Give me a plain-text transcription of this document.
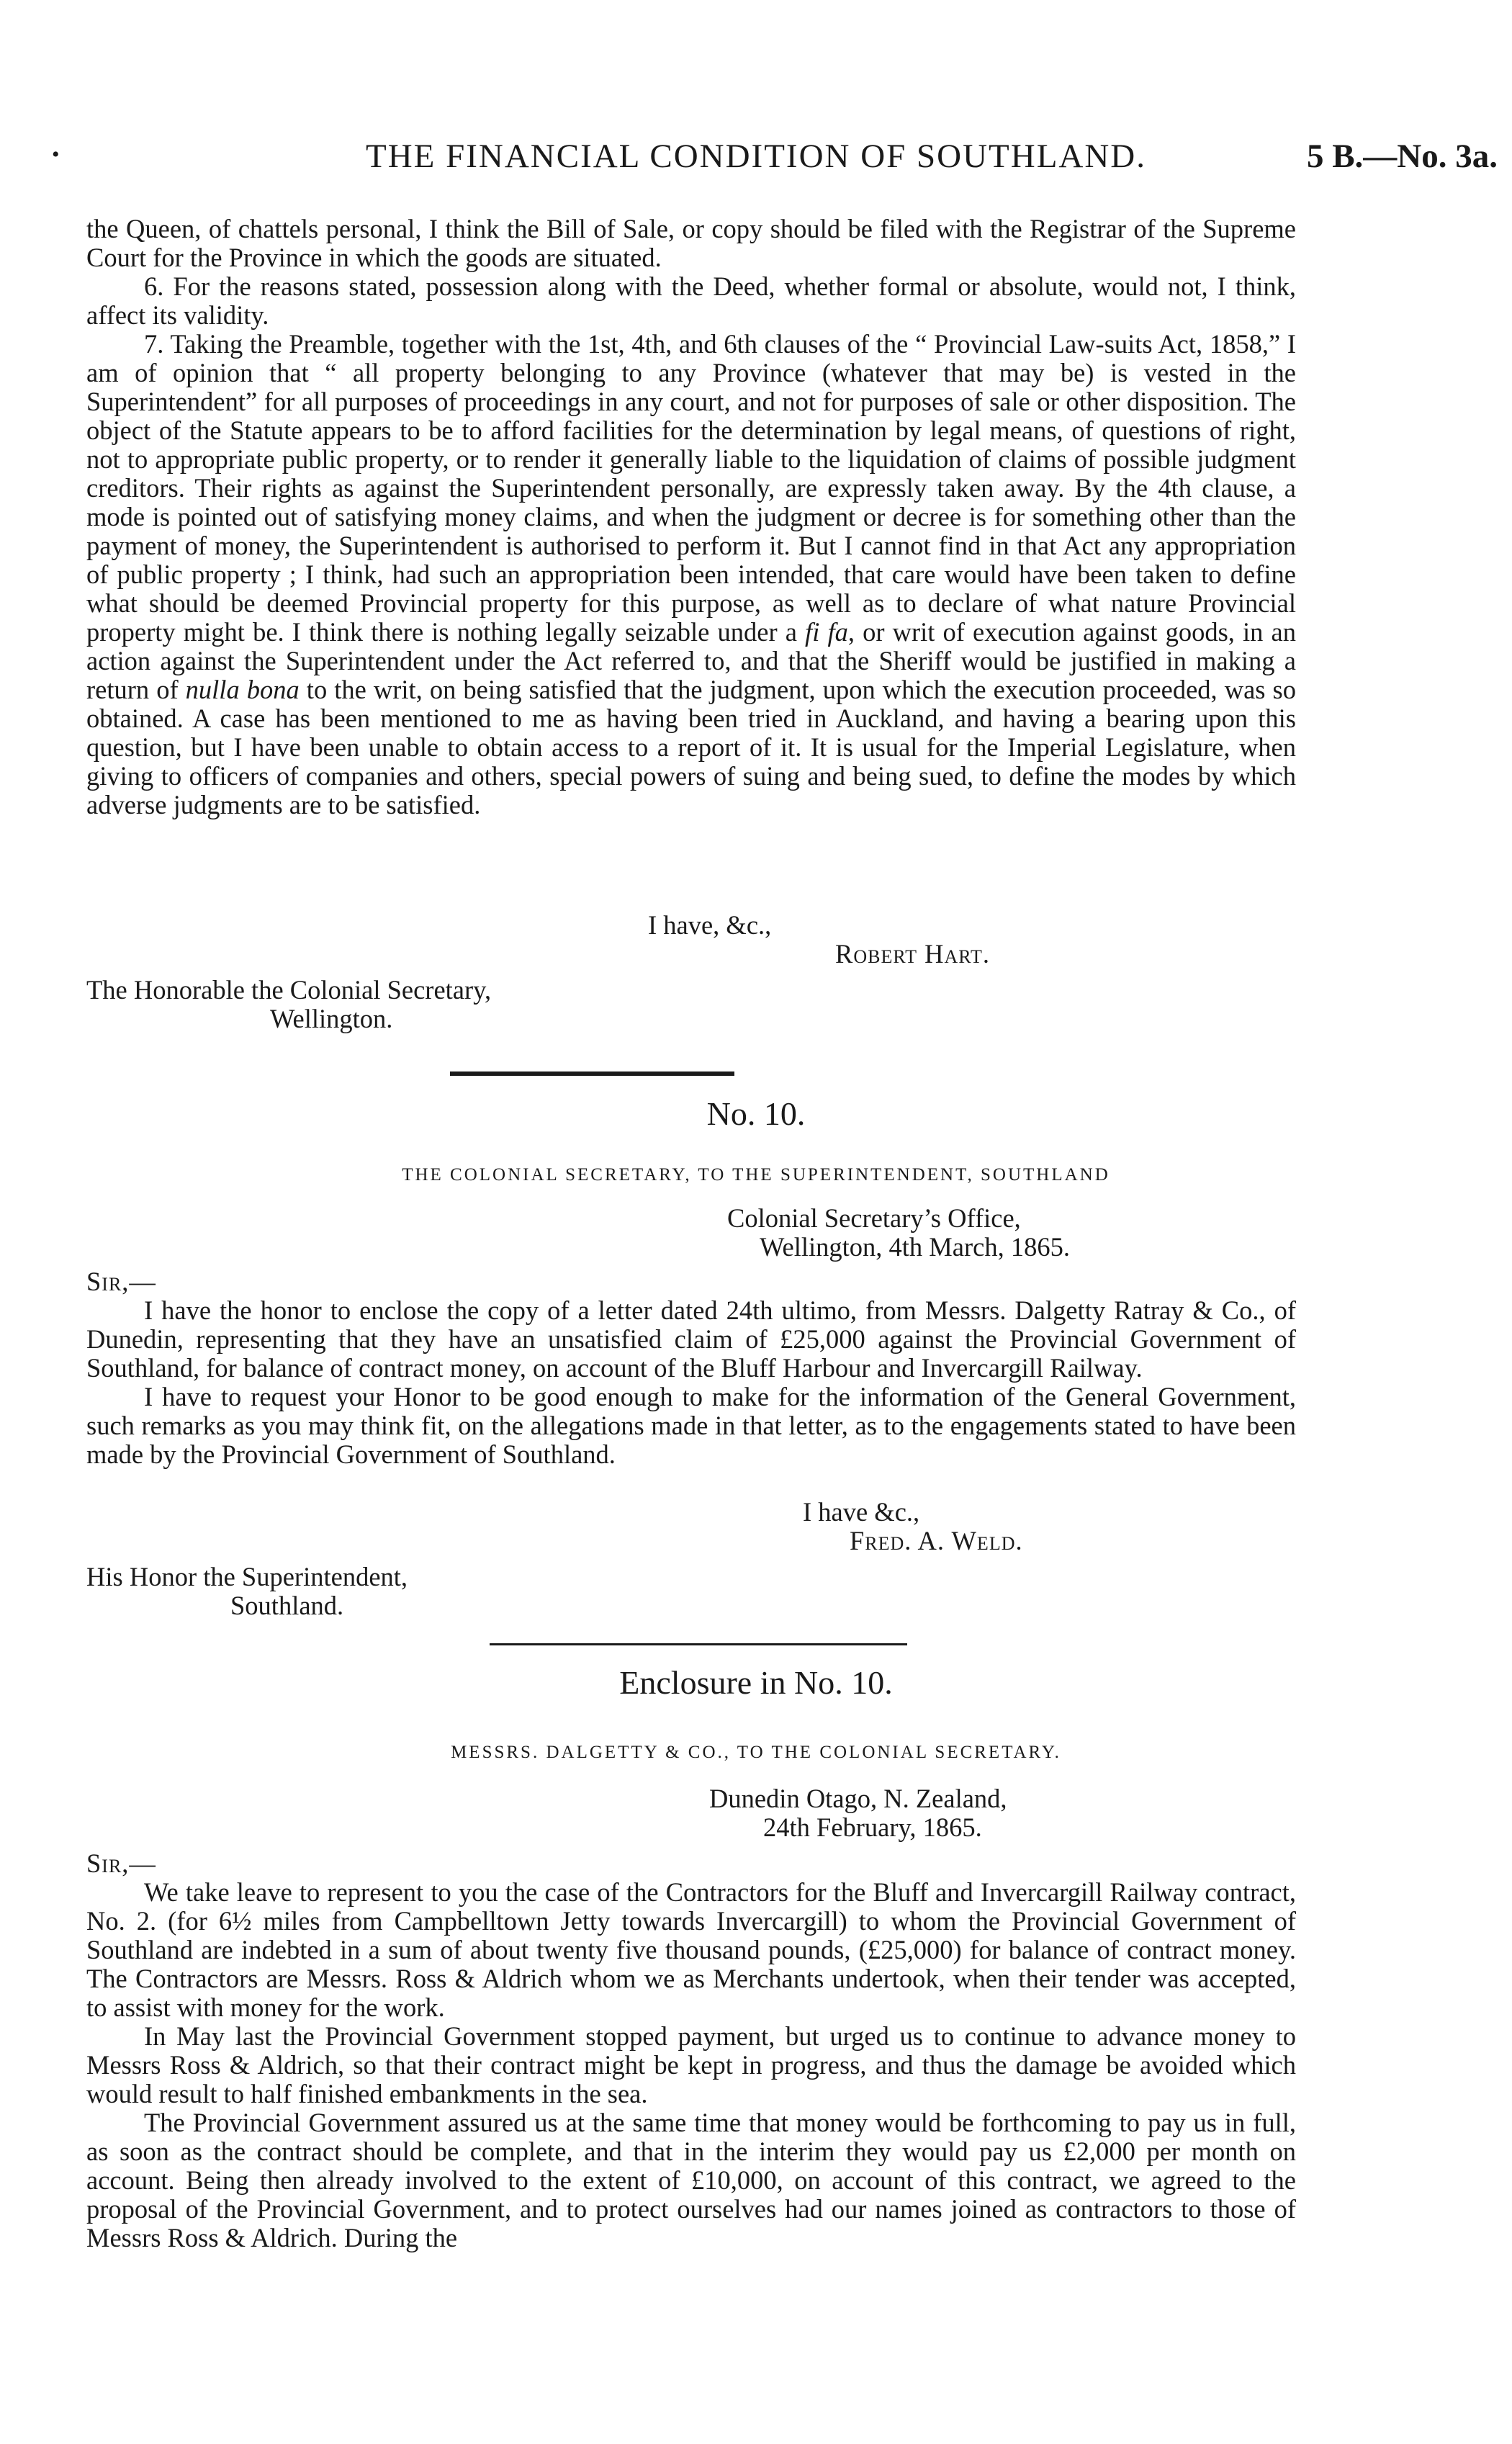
•	THE FINANCIAL CONDITION OF SOUTHLAND.	5 B.—No. 3a.

the Queen, of chattels personal, I think the Bill of Sale, or copy should be filed with the Registrar of the Supreme Court for the Province in which the goods are situated.

6. For the reasons stated, possession along with the Deed, whether formal or absolute, would not, I think, affect its validity.

7. Taking the Preamble, together with the 1st, 4th, and 6th clauses of the “ Provincial Law-suits Act, 1858,” I am of opinion that “ all property belonging to any Province (whatever that may be) is vested in the Superintendent” for all purposes of proceedings in any court, and not for purposes of sale or other disposition. The object of the Statute appears to be to afford facilities for the determination by legal means, of questions of right, not to appropriate public property, or to render it generally liable to the liquidation of claims of possible judgment creditors. Their rights as against the Superintendent personally, are expressly taken away. By the 4th clause, a mode is pointed out of satisfying money claims, and when the judgment or decree is for something other than the payment of money, the Superintendent is authorised to perform it. But I cannot find in that Act any appropriation of public property ; I think, had such an appropriation been intended, that care would have been taken to define what should be deemed Provincial property for this purpose, as well as to declare of what nature Provincial property might be. I think there is nothing legally seizable under a fi fa, or writ of execution against goods, in an action against the Superintendent under the Act referred to, and that the Sheriff would be justified in making a return of nulla bona to the writ, on being satisfied that the judgment, upon which the execution proceeded, was so obtained. A case has been mentioned to me as having been tried in Auckland, and having a bearing upon this question, but I have been unable to obtain access to a report of it. It is usual for the Imperial Legislature, when giving to officers of companies and others, special powers of suing and being sued, to define the modes by which adverse judgments are to be satisfied.

I have, &c.,
Robert Hart.
The Honorable the Colonial Secretary,
Wellington.
No. 10.
THE COLONIAL SECRETARY, TO THE SUPERINTENDENT, SOUTHLAND
Colonial Secretary’s Office,
Wellington, 4th March, 1865.
Sir,—

I have the honor to enclose the copy of a letter dated 24th ultimo, from Messrs. Dalgetty Ratray & Co., of Dunedin, representing that they have an unsatisfied claim of £25,000 against the Provincial Government of Southland, for balance of contract money, on account of the Bluff Harbour and Invercargill Railway.

I have to request your Honor to be good enough to make for the information of the General Government, such remarks as you may think fit, on the allegations made in that letter, as to the engagements stated to have been made by the Provincial Government of Southland.

I have &c.,
Fred. A. Weld.
His Honor the Superintendent,
Southland.
Enclosure in No. 10.
MESSRS. DALGETTY & CO., TO THE COLONIAL SECRETARY.
Dunedin Otago, N. Zealand,
24th February, 1865.
Sir,—

We take leave to represent to you the case of the Contractors for the Bluff and Invercargill Railway contract, No. 2. (for 6½ miles from Campbelltown Jetty towards Invercargill) to whom the Provincial Government of Southland are indebted in a sum of about twenty five thousand pounds, (£25,000) for balance of contract money. The Contractors are Messrs. Ross & Aldrich whom we as Merchants undertook, when their tender was accepted, to assist with money for the work.

In May last the Provincial Government stopped payment, but urged us to continue to advance money to Messrs Ross & Aldrich, so that their contract might be kept in progress, and thus the damage be avoided which would result to half finished embankments in the sea.

The Provincial Government assured us at the same time that money would be forthcoming to pay us in full, as soon as the contract should be complete, and that in the interim they would pay us £2,000 per month on account. Being then already involved to the extent of £10,000, on account of this contract, we agreed to the proposal of the Provincial Government, and to protect ourselves had our names joined as contractors to those of Messrs Ross & Aldrich. During the
